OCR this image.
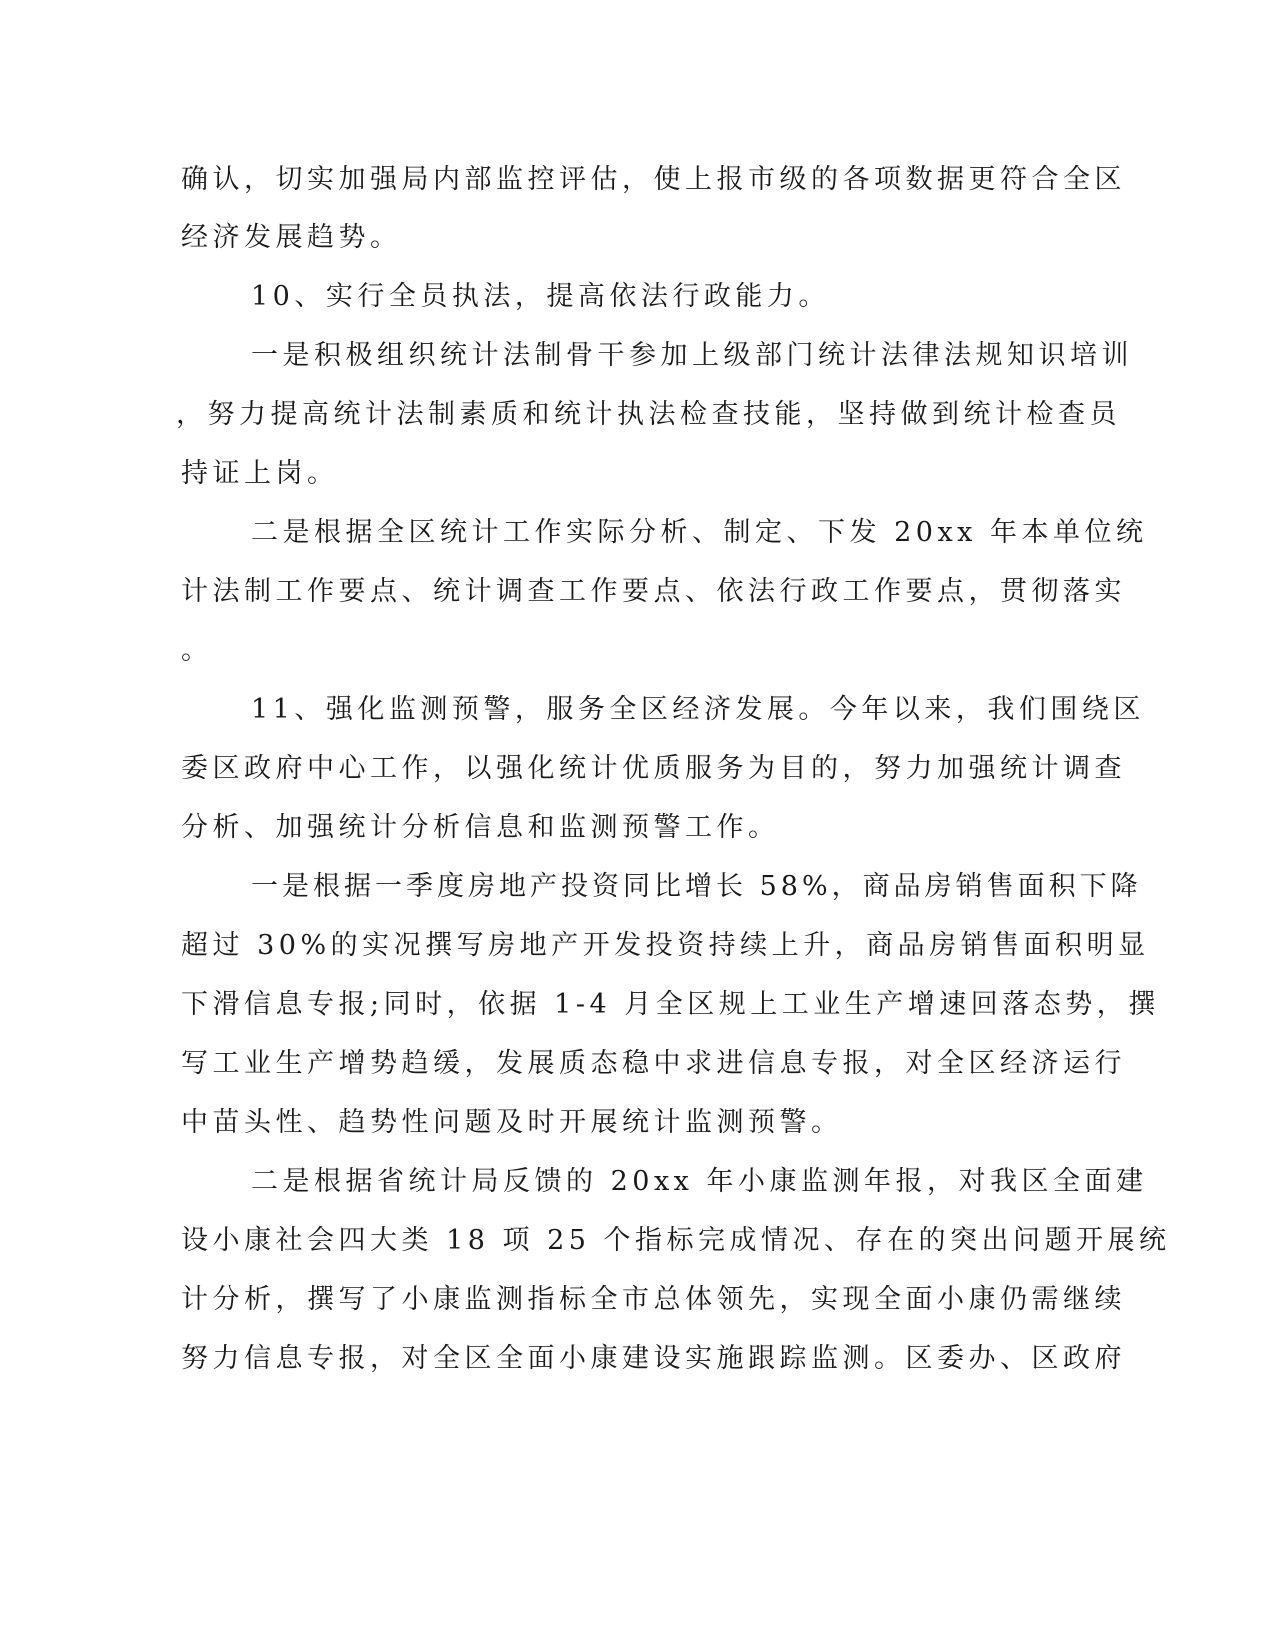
确认，切实加强局内部监控评估，使上报市级的各项数据更符合全区
经济发展趋势。
10、实行全员执法，提高依法行政能力。
一是积极组织统计法制骨干参加上级部门统计法律法规知识培训
，努力提高统计法制素质和统计执法检查技能，坚持做到统计检查员
持证上岗。
二是根据全区统计工作实际分析、制定、下发 20xx 年本单位统
计法制工作要点、统计调查工作要点、依法行政工作要点，贯彻落实
。
11、强化监测预警，服务全区经济发展。今年以来，我们围绕区
委区政府中心工作，以强化统计优质服务为目的，努力加强统计调查
分析、加强统计分析信息和监测预警工作。
一是根据一季度房地产投资同比增长 58%，商品房销售面积下降
超过 30%的实况撰写房地产开发投资持续上升，商品房销售面积明显
下滑信息专报;同时，依据 1-4 月全区规上工业生产增速回落态势，撰
写工业生产增势趋缓，发展质态稳中求进信息专报，对全区经济运行
中苗头性、趋势性问题及时开展统计监测预警。
二是根据省统计局反馈的 20xx 年小康监测年报，对我区全面建
设小康社会四大类 18 项 25 个指标完成情况、存在的突出问题开展统
计分析，撰写了小康监测指标全市总体领先，实现全面小康仍需继续
努力信息专报，对全区全面小康建设实施跟踪监测。区委办、区政府
